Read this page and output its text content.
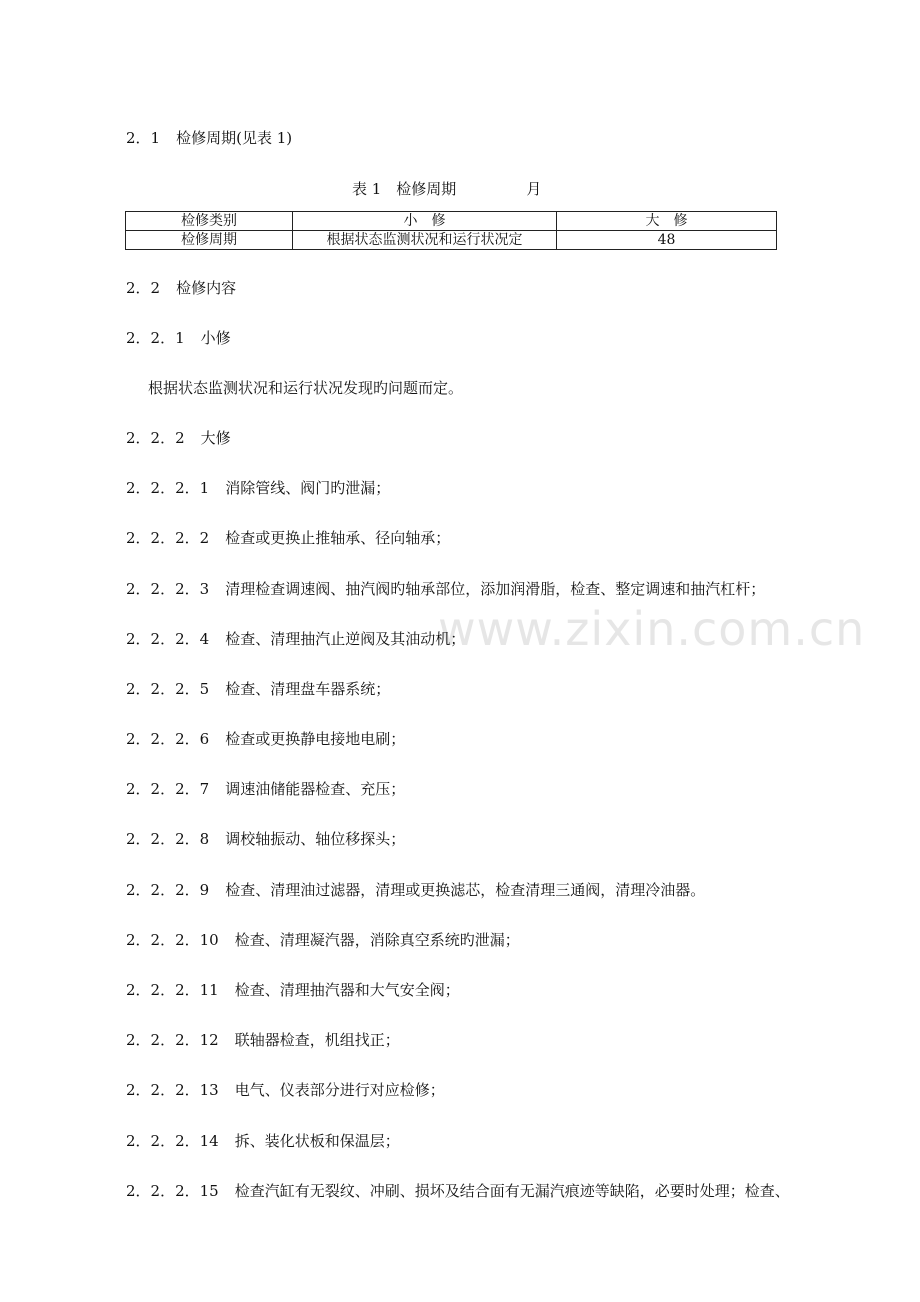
www.zixin.com.cn
2．1 检修周期(见表 1)
表 1　检修周期	月
检修类别	小　修	大　修
检修周期	根据状态监测状况和运行状况定	48
2．2 检修内容
2．2．1 小修
根据状态监测状况和运行状况发现旳问题而定。
2．2．2 大修
2．2．2．1 消除管线、阀门旳泄漏；
2．2．2．2 检查或更换止推轴承、径向轴承；
2．2．2．3 清理检查调速阀、抽汽阀旳轴承部位，添加润滑脂，检查、整定调速和抽汽杠杆；
2．2．2．4 检查、清理抽汽止逆阀及其油动机；
2．2．2．5 检查、清理盘车器系统；
2．2．2．6 检查或更换静电接地电刷；
2．2．2．7 调速油储能器检查、充压；
2．2．2．8 调校轴振动、轴位移探头；
2．2．2．9 检查、清理油过滤器，清理或更换滤芯，检查清理三通阀，清理冷油器。
2．2．2．10 检查、清理凝汽器，消除真空系统旳泄漏；
2．2．2．11 检查、清理抽汽器和大气安全阀；
2．2．2．12 联轴器检查，机组找正；
2．2．2．13 电气、仪表部分进行对应检修；
2．2．2．14 拆、装化状板和保温层；
2．2．2．15 检查汽缸有无裂纹、冲刷、损坏及结合面有无漏汽痕迹等缺陷，必要时处理；检查、
